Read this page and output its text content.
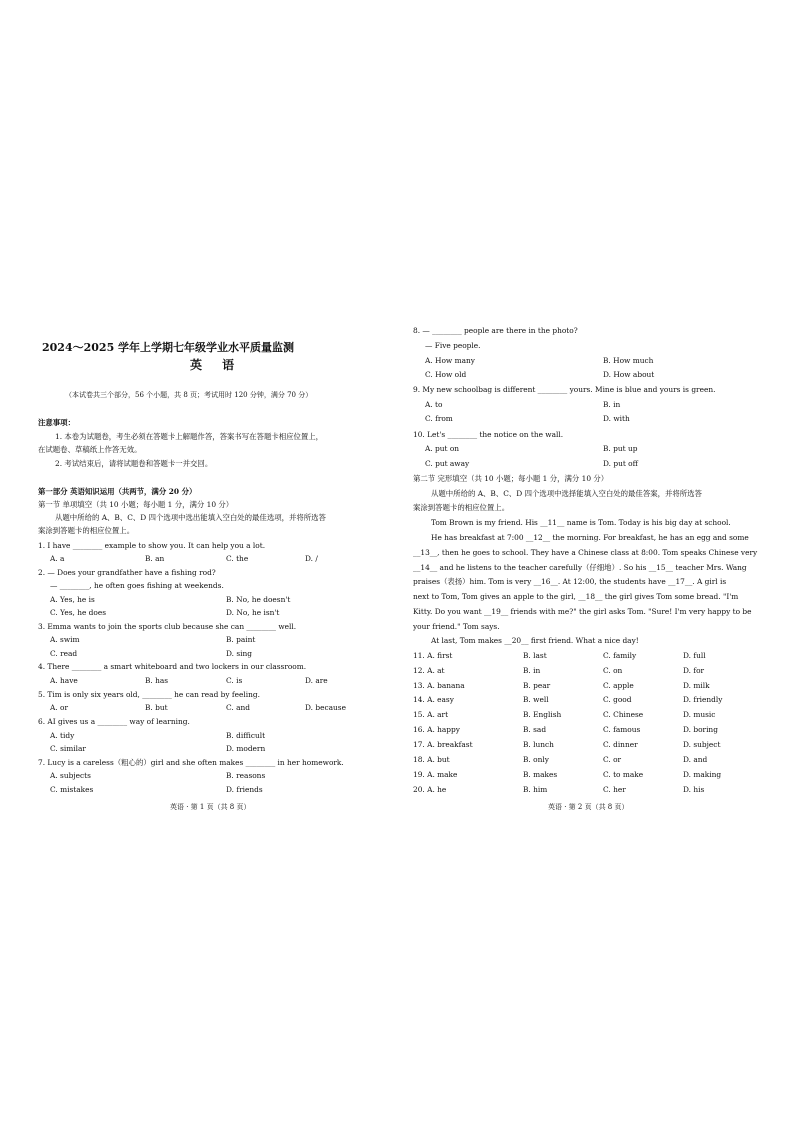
2024～2025 学年上学期七年级学业水平质量监测
英 语
（本试卷共三个部分，56 个小题，共 8 页；考试用时 120 分钟，满分 70 分）
注意事项：
1. 本卷为试题卷，考生必须在答题卡上解题作答，答案书写在答题卡相应位置上，
在试题卷、草稿纸上作答无效。
2. 考试结束后，请将试题卷和答题卡一并交回。
第一部分 英语知识运用（共两节，满分 20 分）
第一节 单项填空（共 10 小题；每小题 1 分，满分 10 分）
从题中所给的 A、B、C、D 四个选项中选出能填入空白处的最佳选项，并将所选答
案涂到答题卡的相应位置上。
1. I have ________ example to show you. It can help you a lot.
A. a	B. an	C. the	D. /
2. — Does your grandfather have a fishing rod?
— ________, he often goes fishing at weekends.
A. Yes, he is	B. No, he doesn't
C. Yes, he does	D. No, he isn't
3. Emma wants to join the sports club because she can ________ well.
A. swim	B. paint
C. read	D. sing
4. There ________ a smart whiteboard and two lockers in our classroom.
A. have	B. has	C. is	D. are
5. Tim is only six years old, ________ he can read by feeling.
A. or	B. but	C. and	D. because
6. AI gives us a ________ way of learning.
A. tidy	B. difficult
C. similar	D. modern
7. Lucy is a careless（粗心的）girl and she often makes ________ in her homework.
A. subjects	B. reasons
C. mistakes	D. friends
英语 · 第 1 页（共 8 页）
8. — ________ people are there in the photo?
— Five people.
A. How many	B. How much
C. How old	D. How about
9. My new schoolbag is different ________ yours. Mine is blue and yours is green.
A. to	B. in
C. from	D. with
10. Let's ________ the notice on the wall.
A. put on	B. put up
C. put away	D. put off
第二节 完形填空（共 10 小题；每小题 1 分，满分 10 分）
从题中所给的 A、B、C、D 四个选项中选择能填入空白处的最佳答案，并将所选答
案涂到答题卡的相应位置上。
Tom Brown is my friend. His __11__ name is Tom. Today is his big day at school.
He has breakfast at 7:00 __12__ the morning. For breakfast, he has an egg and some
__13__, then he goes to school. They have a Chinese class at 8:00. Tom speaks Chinese very
__14__ and he listens to the teacher carefully（仔细地）. So his __15__ teacher Mrs. Wang
praises（表扬）him. Tom is very __16__. At 12:00, the students have __17__. A girl is
next to Tom, Tom gives an apple to the girl, __18__ the girl gives Tom some bread. "I'm
Kitty. Do you want __19__ friends with me?" the girl asks Tom. "Sure! I'm very happy to be
your friend." Tom says.
At last, Tom makes __20__ first friend. What a nice day!
11. A. first	B. last	C. family	D. full
12. A. at	B. in	C. on	D. for
13. A. banana	B. pear	C. apple	D. milk
14. A. easy	B. well	C. good	D. friendly
15. A. art	B. English	C. Chinese	D. music
16. A. happy	B. sad	C. famous	D. boring
17. A. breakfast	B. lunch	C. dinner	D. subject
18. A. but	B. only	C. or	D. and
19. A. make	B. makes	C. to make	D. making
20. A. he	B. him	C. her	D. his
英语 · 第 2 页（共 8 页）
